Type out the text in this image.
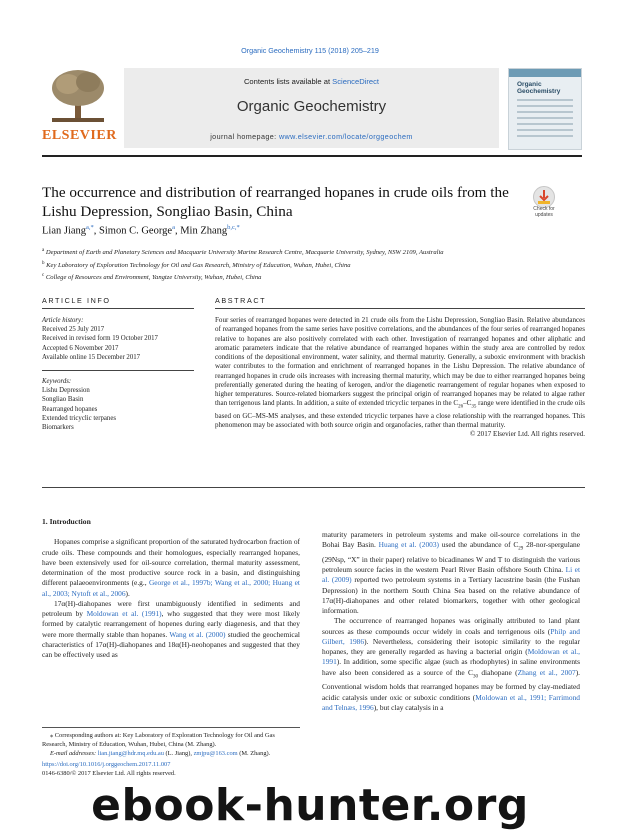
Organic Geochemistry 115 (2018) 205–219
ELSEVIER
Contents lists available at ScienceDirect
Organic Geochemistry
journal homepage: www.elsevier.com/locate/orggeochem
Organic Geochemistry
The occurrence and distribution of rearranged hopanes in crude oils from the Lishu Depression, Songliao Basin, China	Check for updates
Lian Jiang$^{a,*}$, Simon C. George$^a$, Min Zhang$^{b,c,*}$
$^a$ Department of Earth and Planetary Sciences and Macquarie University Marine Research Centre, Macquarie University, Sydney, NSW 2109, Australia
$^b$ Key Laboratory of Exploration Technology for Oil and Gas Research, Ministry of Education, Wuhan, Hubei, China
$^c$ College of Resources and Environment, Yangtze University, Wuhan, Hubei, China
ARTICLE INFO	ABSTRACT
Article history:
Received 25 July 2017
Received in revised form 19 October 2017
Accepted 6 November 2017
Available online 15 December 2017
Keywords:
Lishu Depression
Songliao Basin
Rearranged hopanes
Extended tricyclic terpanes
Biomarkers
Four series of rearranged hopanes were detected in 21 crude oils from the Lishu Depression, Songliao Basin. Relative abundances of rearranged hopanes from the same series have positive correlations, and the abundances of the four series of rearranged hopanes relative to hopanes are also positively correlated with each other. Investigation of rearranged hopanes and other aliphatic and aromatic parameters indicate that the relative abundance of rearranged hopanes within the study area are controlled by redox conditions of the depositional environment, water salinity, and thermal maturity. Generally, a suboxic environment with brackish water contributes to the formation and enrichment of rearranged hopanes in the Lishu Depression. The relative abundance of rearranged hopanes in crude oils increases with increasing thermal maturity, which may be due to either rearranged hopanes being preferentially generated during the heating of kerogen, and/or the diagenetic rearrangement of regular hopanes when exposed to higher temperatures. Source-related biomarkers suggest the principal origin of rearranged hopanes may be related to algae rather than terrigenous land plants. In addition, a suite of extended tricyclic terpanes in the $C_{26}-C_{35}$ range were identified in the crude oils based on GC–MS-MS analyses, and these extended tricyclic terpanes have a close relationship with the rearranged hopanes. This phenomenon may be associated with both source origin and organofacies, rather than thermal maturity.
© 2017 Elsevier Ltd. All rights reserved.
1. Introduction

Hopanes comprise a significant proportion of the saturated hydrocarbon fraction of crude oils. These compounds and their homologues, especially rearranged hopanes, have been extensively used for oil-source correlation, thermal maturity assessment, determination of the most productive source rock in a basin, and distinguishing different palaeoenvironments (e.g., George et al., 1997b; Wang et al., 2000; Huang et al., 2003; Nytoft et al., 2006).

17α(H)-diahopanes were first unambiguously identified in sediments and petroleum by Moldowan et al. (1991), who suggested that they were most likely formed by catalytic rearrangement of hopenes during early diagenesis, and that they were more thermally stable than hopanes. Wang et al. (2000) studied the geochemical characteristics of 17α(H)-diahopanes and 18α(H)-neohopanes and suggested that they can be effectively used as

maturity parameters in petroleum systems and make oil-source correlations in the Bohai Bay Basin. Huang et al. (2003) used the abundance of $C_{29}$ 28-nor-spergulane (29Nsp, “X” in their paper) relative to bicadinanes W and T to distinguish the various petroleum source facies in the western Pearl River Basin offshore South China. Li et al. (2009) reported two petroleum systems in a Tertiary lacustrine basin (the Fushan Depression) in the northern South China Sea based on the relative abundance of 17α(H)-diahopanes and other related biomarkers, together with other geological information.

The occurrence of rearranged hopanes was originally attributed to land plant sources as these compounds occur widely in coals and terrigenous oils (Philp and Gilbert, 1986). Nevertheless, considering their isotopic similarity to the regular hopanes, they are generally regarded as having a bacterial origin (Moldowan et al., 1991). In addition, some specific algae (such as rhodophytes) in saline environments have also been considered as a source of the $C_{30}$ diahopane (Zhang et al., 2007). Conventional wisdom holds that rearranged hopanes may be formed by clay-mediated acidic catalysis under oxic or suboxic conditions (Moldowan et al., 1991; Farrimond and Telnæs, 1996), but clay catalysis in a

⁎ Corresponding authors at: Key Laboratory of Exploration Technology for Oil and Gas Research, Ministry of Education, Wuhan, Hubei, China (M. Zhang).
E-mail addresses: lian.jiang@hdr.mq.edu.au (L. Jiang), zmjpu@163.com (M. Zhang).
https://doi.org/10.1016/j.orggeochem.2017.11.007
0146-6380/© 2017 Elsevier Ltd. All rights reserved.
ebook-hunter.org
